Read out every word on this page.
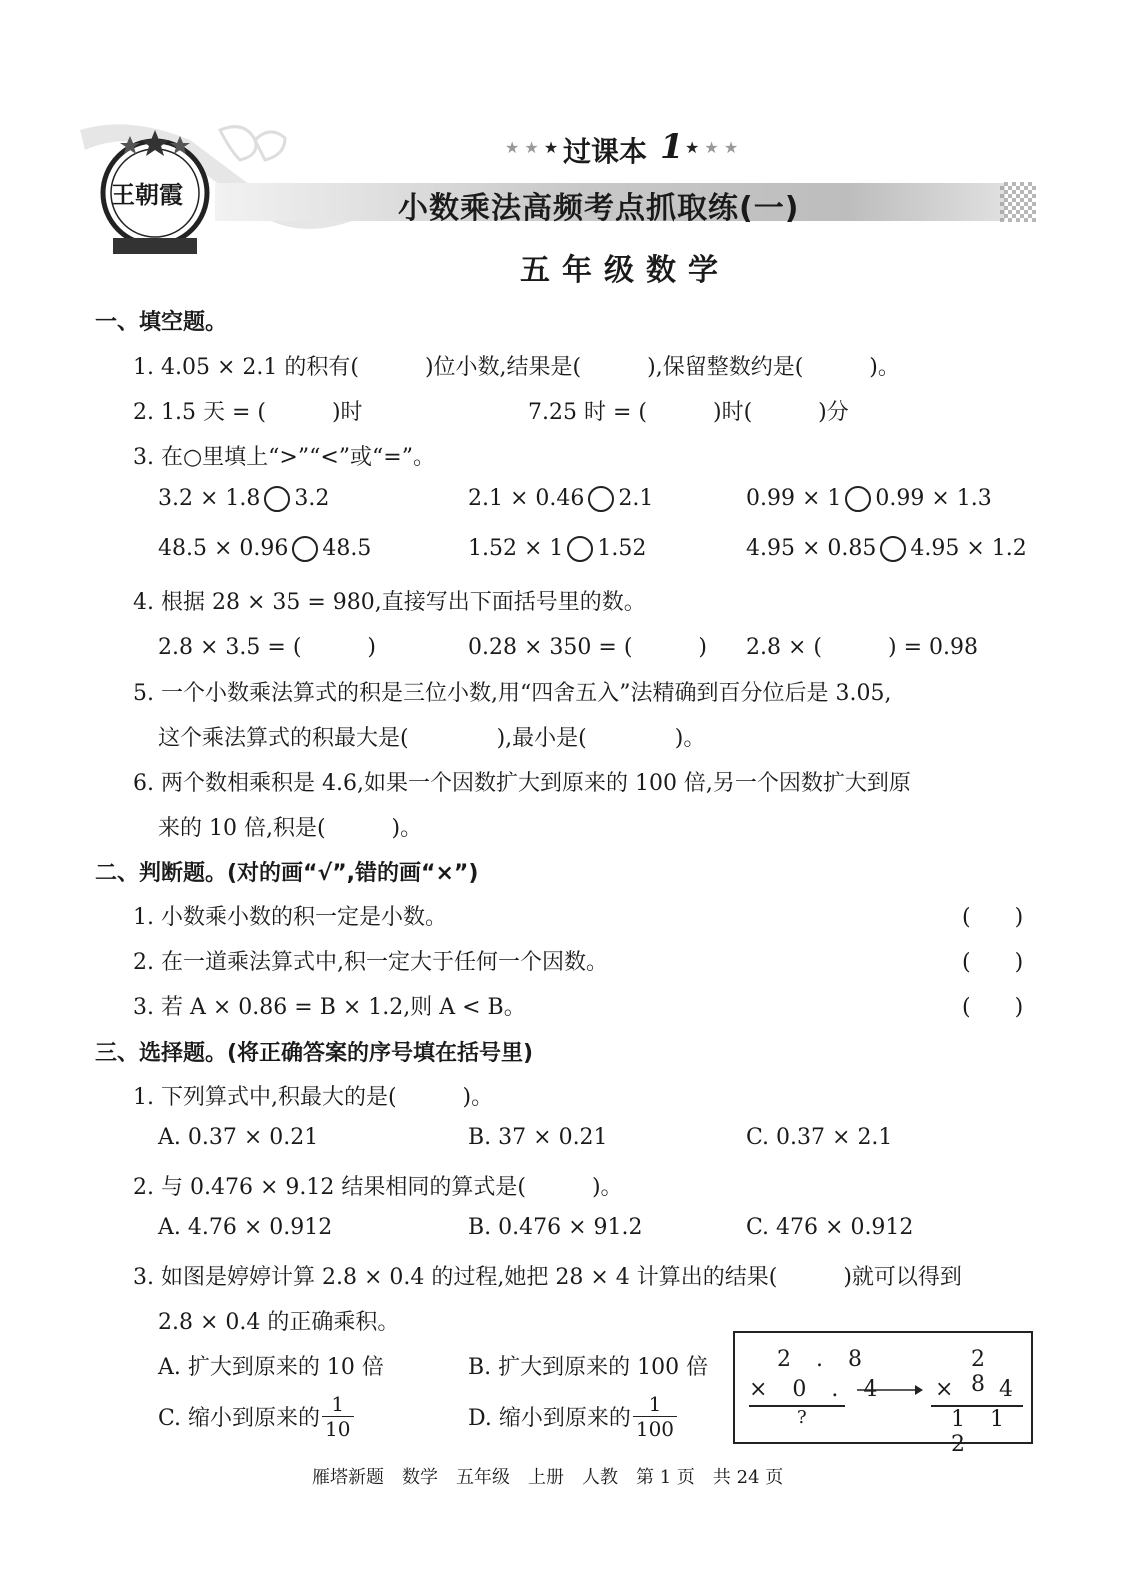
王朝霞
★ ★ ★ 过课本 1 ★ ★ ★
小数乘法高频考点抓取练(一)
五年级数学
一、填空题。
1. 4.05 × 2.1 的积有(　　　)位小数,结果是(　　　),保留整数约是(　　　)。
2. 1.5 天 = (　　　)时	7.25 时 = (　　　)时(　　　)分
3. 在○里填上“>”“<”或“=”。
3.2 × 1.8 3.2	2.1 × 0.46 2.1	0.99 × 1 0.99 × 1.3
48.5 × 0.96 48.5	1.52 × 1 1.52	4.95 × 0.85 4.95 × 1.2
4. 根据 28 × 35 = 980,直接写出下面括号里的数。
2.8 × 3.5 = (　　　)	0.28 × 350 = (　　　) 2.8 × (　　　) = 0.98
5. 一个小数乘法算式的积是三位小数,用“四舍五入”法精确到百分位后是 3.05,
这个乘法算式的积最大是(　　　　),最小是(　　　　)。
6. 两个数相乘积是 4.6,如果一个因数扩大到原来的 100 倍,另一个因数扩大到原
来的 10 倍,积是(　　　)。
二、判断题。(对的画“√”,错的画“×”)
1. 小数乘小数的积一定是小数。	(　　)
2. 在一道乘法算式中,积一定大于任何一个因数。	(　　)
3. 若 A × 0.86 = B × 1.2,则 A < B。	(　　)
三、选择题。(将正确答案的序号填在括号里)
1. 下列算式中,积最大的是(　　　)。
A. 0.37 × 0.21	B. 37 × 0.21	C. 0.37 × 2.1
2. 与 0.476 × 9.12 结果相同的算式是(　　　)。
A. 4.76 × 0.912	B. 0.476 × 91.2	C. 476 × 0.912
3. 如图是婷婷计算 2.8 × 0.4 的过程,她把 28 × 4 计算出的结果(　　　)就可以得到
2.8 × 0.4 的正确乘积。
A. 扩大到原来的 10 倍	B. 扩大到原来的 100 倍
C. 缩小到原来的 $\frac{1}{10}$	D. 缩小到原来的 $\frac{1}{100}$
2 . 8
× 0 . 4
?
2 8
× 4
1 1 2
雁塔新题　数学　五年级　上册　人教　第 1 页　共 24 页
